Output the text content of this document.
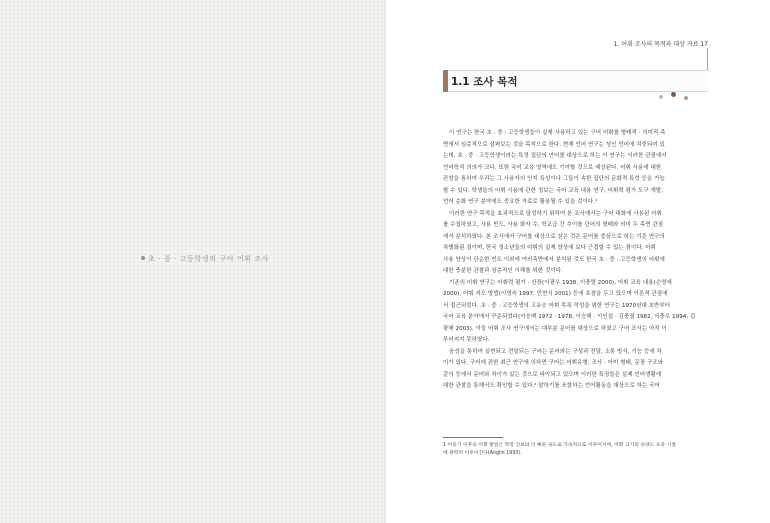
초 · 중 · 고등학생의 구어 어휘 조사
1. 어휘 조사의 목적과 대상 자료 17
1.1 조사 목적
이 연구는 한국 초 · 중 · 고등학생들이 실제 사용하고 있는 구어 어휘를 형태적 · 의미적 측
면에서 심층적으로 살펴보는 것을 목적으로 한다. 현재 언어 연구는 성인 언어에 치중되어 있
는데, 초 · 중 · 고등학생이라는 특정 집단의 언어를 대상으로 하는 이 연구는 이러한 관점에서
언어학적 의의가 크다. 또한 국어 교육 영역에도 기여할 것으로 예상된다. 어휘 사용에 대한
관찰을 통하여 우리는 그 사용자의 인지 특성이나 그들이 속한 집단의 문화적 특성 등을 가늠
할 수 있다. 학생들의 어휘 사용에 관한 정보는 국어 교육 내용 연구, 어휘력 평가 도구 개발,
언어 순화 연구 분야에도 중요한 자료로 활용될 수 있을 것이다.¹
이러한 연구 목적을 효과적으로 달성하기 위하여 본 조사에서는 구어 대화에 사용된 어휘
를 수집하였고, 사용 빈도, 사용 화자 수, 학교급 간 추이를 단어의 형태와 의미 두 측면 관점
에서 분석하였다. 본 조사에서 구어를 대상으로 삼은 것은 문어를 중심으로 하는 기존 연구의
차별화된 점이며, 한국 청소년들의 어휘의 실제 양상에 보다 근접할 수 있는 점이다. 어휘
사용 양상이 단순한 빈도 이외에 여러측면에서 분석된 것도 한국 초 · 중 · 고등학생의 어휘에
대한 충분한 관찰과 심층적인 이해를 위한 것이다.
기존의 어휘 연구는 어휘력 평가 · 신장(이광우 1938, 이충렬 2000), 어휘 교육 내용(손영애
2000), 어휘 지도 방법(이영숙 1997, 민현식 2001) 등에 초점을 두고 있으며 이론적 관점에
서 접근되었다. 초 · 중 · 고등학생의 고유승 어휘 목록 작성을 위한 연구는 1970년대 초반부터
국어 교육 분야에서 꾸준되었다(이응백 1972 · 1978, 이승해 · 이인섭 · 김충열 1982, 이충우 1994, 김
광해 2003). 이들 어휘 조사 연구에서는 대부분 문어를 대상으로 하였고 구어 조사는 아직 이
루어지지 못하였다.
음성을 통하여 실현되고 전달되는 구어는 문어와는 구성과 전달, 소통 방식, 기능 등에 차
이가 있다. 구어에 관한 최근 연구에 의하면 구어는 어휘유형, 조사 · 어미 형태, 문장 구조와
같이 등에서 문어와 차이가 있는 것으로 파악되고 있으며 이러한 특징들은 실제 언어생활에
대한 관찰을 통해서도 확인할 수 있다.² 말하기를 포함하는 언어활동을 대상으로 하는 국어
1 아동기 이후의 어휘 발달은 학령 진보와 더 빠른 속도로 가속적으로 이루어지며, 어휘 크기의 유양도 초중 시절
에 광력히 이루어진다(Anglin 1993).
